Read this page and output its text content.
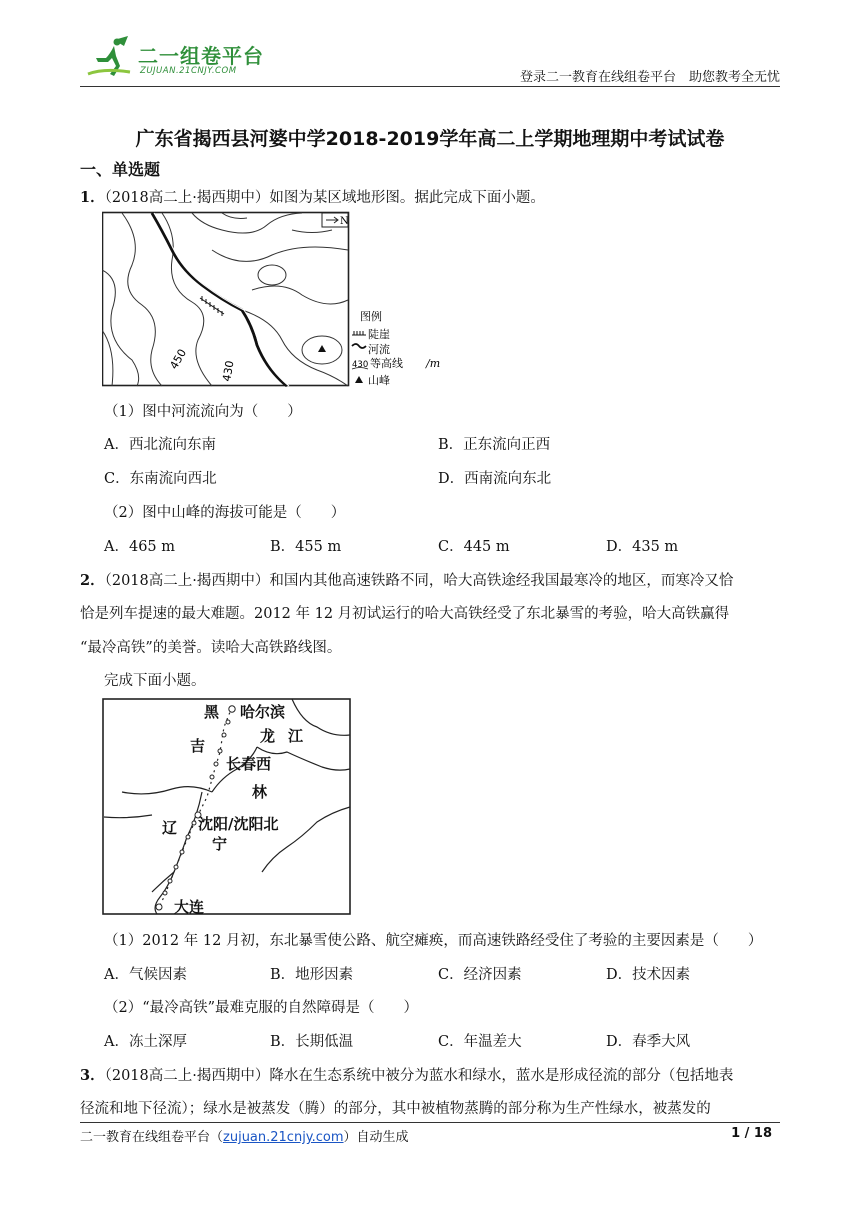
二一组卷平台
ZUJUAN.21CNJY.COM	登录二一教育在线组卷平台　助您教考全无忧
广东省揭西县河婆中学2018-2019学年高二上学期地理期中考试试卷
一、单选题
1．（2018高二上·揭西期中）如图为某区域地形图。据此完成下面小题。
N
450	430
图例
陡崖
河流
430 等高线 /m
山峰
（1）图中河流流向为（　　）
A．西北流向东南	B．正东流向正西
C．东南流向西北	D．西南流向东北
（2）图中山峰的海拔可能是（　　）
A．465 m	B．455 m	C．445 m	D．435 m
2．（2018高二上·揭西期中）和国内其他高速铁路不同，哈大高铁途经我国最寒冷的地区，而寒冷又恰
恰是列车提速的最大难题。2012 年 12 月初试运行的哈大高铁经受了东北暴雪的考验，哈大高铁赢得
“最冷高铁”的美誉。读哈大高铁路线图。
完成下面小题。
黑 哈尔滨
龙 江
吉
长春西
林
辽 沈阳/沈阳北
宁
大连
（1）2012 年 12 月初，东北暴雪使公路、航空瘫痪，而高速铁路经受住了考验的主要因素是（　　）
A．气候因素	B．地形因素	C．经济因素	D．技术因素
（2）“最冷高铁”最难克服的自然障碍是（　　）
A．冻土深厚	B．长期低温	C．年温差大	D．春季大风
3．（2018高二上·揭西期中）降水在生态系统中被分为蓝水和绿水，蓝水是形成径流的部分（包括地表
径流和地下径流）；绿水是被蒸发（腾）的部分，其中被植物蒸腾的部分称为生产性绿水，被蒸发的
二一教育在线组卷平台（zujuan.21cnjy.com）自动生成	1 / 18
